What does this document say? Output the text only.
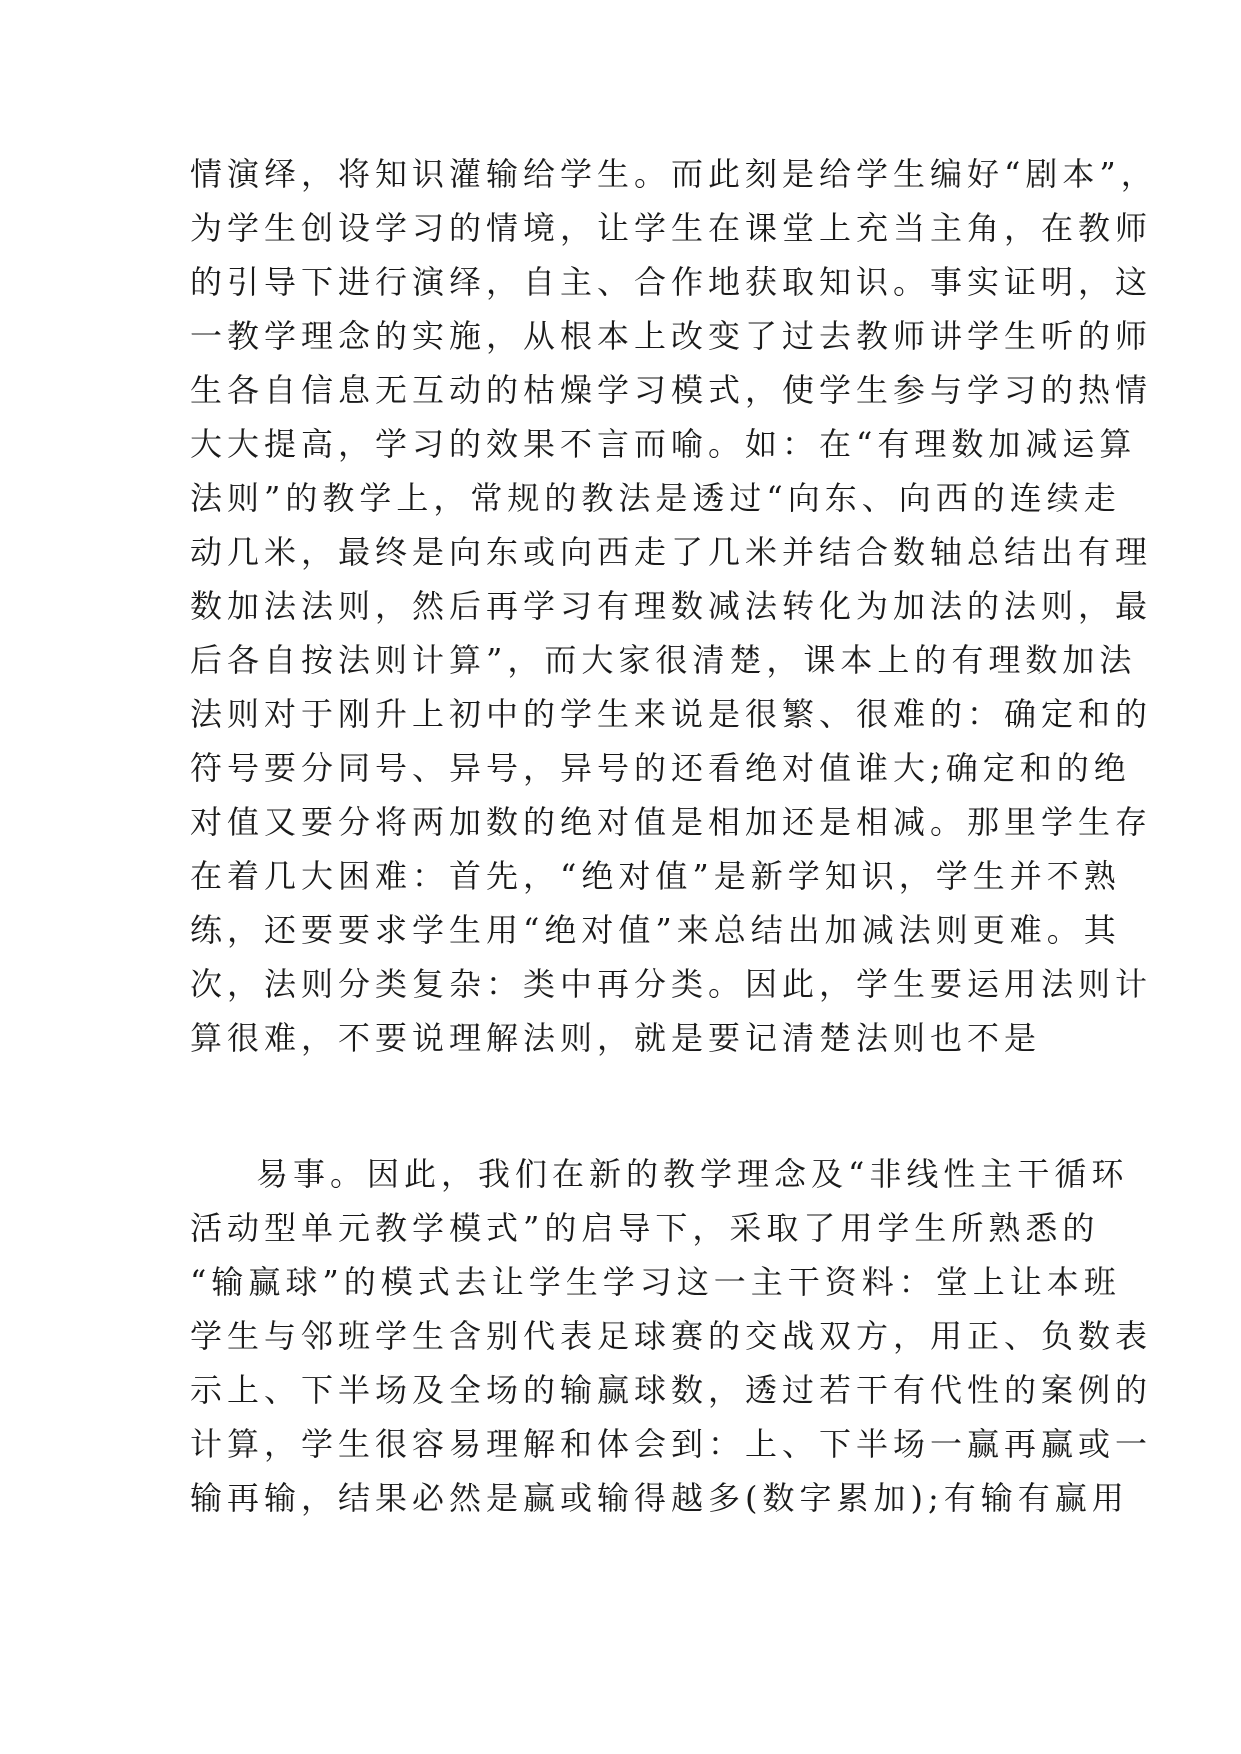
情演绎，将知识灌输给学生。而此刻是给学生编好“剧本”，
为学生创设学习的情境，让学生在课堂上充当主角，在教师
的引导下进行演绎，自主、合作地获取知识。事实证明，这
一教学理念的实施，从根本上改变了过去教师讲学生听的师
生各自信息无互动的枯燥学习模式，使学生参与学习的热情
大大提高，学习的效果不言而喻。如：在“有理数加减运算
法则”的教学上，常规的教法是透过“向东、向西的连续走
动几米，最终是向东或向西走了几米并结合数轴总结出有理
数加法法则，然后再学习有理数减法转化为加法的法则，最
后各自按法则计算”，而大家很清楚，课本上的有理数加法
法则对于刚升上初中的学生来说是很繁、很难的：确定和的
符号要分同号、异号，异号的还看绝对值谁大;确定和的绝
对值又要分将两加数的绝对值是相加还是相减。那里学生存
在着几大困难：首先，“绝对值”是新学知识，学生并不熟
练，还要要求学生用“绝对值”来总结出加减法则更难。其
次，法则分类复杂：类中再分类。因此，学生要运用法则计
算很难，不要说理解法则，就是要记清楚法则也不是
易事。因此，我们在新的教学理念及“非线性主干循环
活动型单元教学模式”的启导下，采取了用学生所熟悉的
“输赢球”的模式去让学生学习这一主干资料：堂上让本班
学生与邻班学生含别代表足球赛的交战双方，用正、负数表
示上、下半场及全场的输赢球数，透过若干有代性的案例的
计算，学生很容易理解和体会到：上、下半场一赢再赢或一
输再输，结果必然是赢或输得越多(数字累加);有输有赢用
